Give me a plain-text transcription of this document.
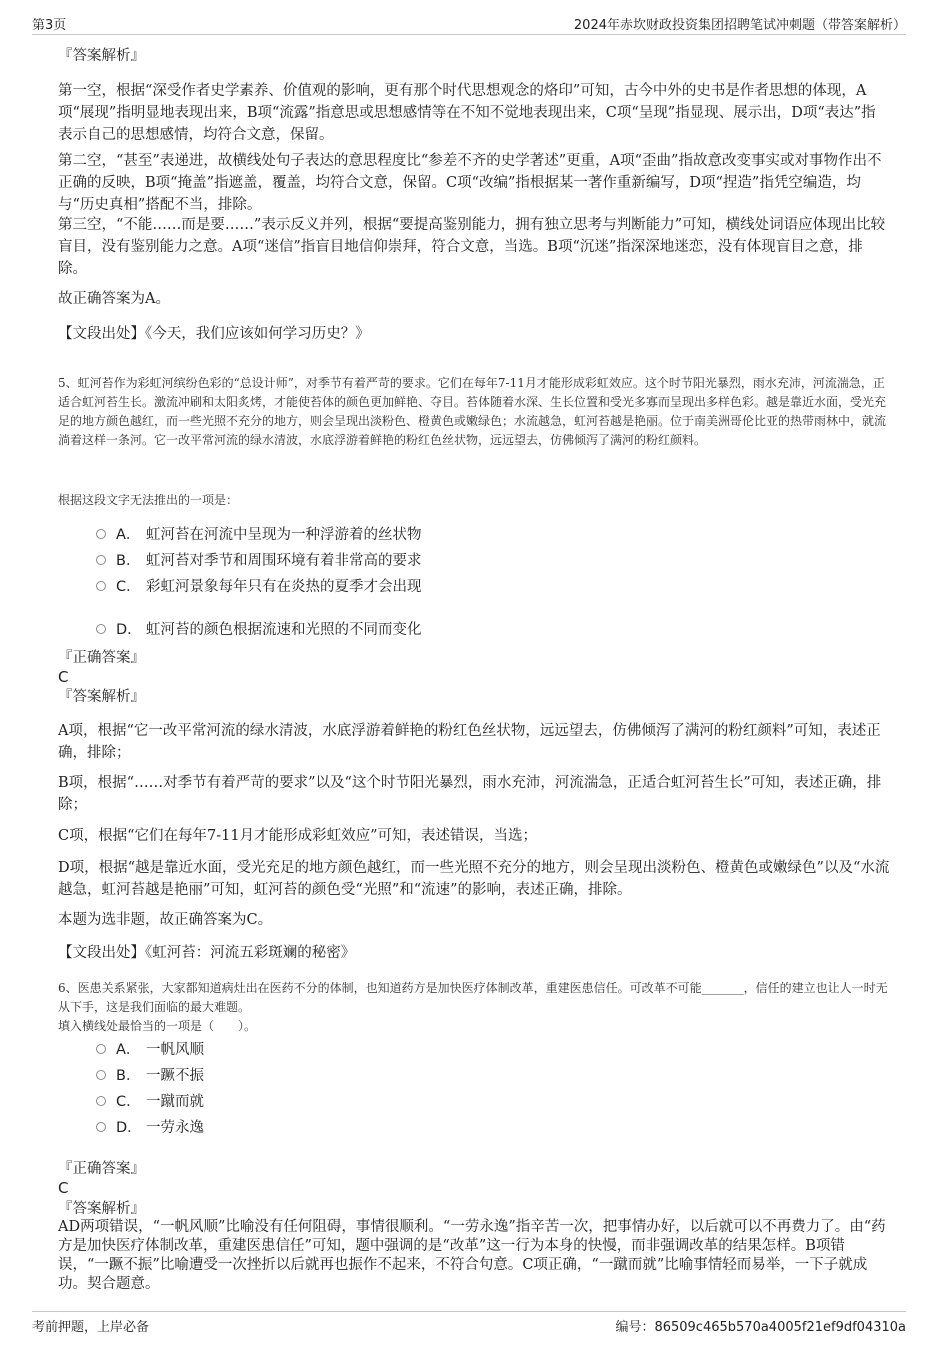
第3页	2024年赤坎财政投资集团招聘笔试冲刺题（带答案解析）
『答案解析』

第一空，根据“深受作者史学素养、价值观的影响，更有那个时代思想观念的烙印”可知，古今中外的史书是作者思想的体现，A项“展现”指明显地表现出来，B项“流露”指意思或思想感情等在不知不觉地表现出来，C项“呈现”指显现、展示出，D项“表达”指表示自己的思想感情，均符合文意，保留。

第二空，“甚至”表递进，故横线处句子表达的意思程度比“参差不齐的史学著述”更重，A项“歪曲”指故意改变事实或对事物作出不正确的反映，B项“掩盖”指遮盖，覆盖，均符合文意，保留。C项“改编”指根据某一著作重新编写，D项“捏造”指凭空编造，均与“历史真相”搭配不当，排除。

第三空，“不能……而是要……”表示反义并列，根据“要提高鉴别能力，拥有独立思考与判断能力”可知，横线处词语应体现出比较盲目，没有鉴别能力之意。A项“迷信”指盲目地信仰崇拜，符合文意，当选。B项“沉迷”指深深地迷恋，没有体现盲目之意，排除。

故正确答案为A。

【文段出处】《今天，我们应该如何学习历史？》

5、虹河苔作为彩虹河缤纷色彩的“总设计师”，对季节有着严苛的要求。它们在每年7-11月才能形成彩虹效应。这个时节阳光暴烈，雨水充沛，河流湍急，正适合虹河苔生长。激流冲刷和太阳炙烤，才能使苔体的颜色更加鲜艳、夺目。苔体随着水深、生长位置和受光多寡而呈现出多样色彩。越是靠近水面，受光充足的地方颜色越红，而一些光照不充分的地方，则会呈现出淡粉色、橙黄色或嫩绿色；水流越急，虹河苔越是艳丽。位于南美洲哥伦比亚的热带雨林中，就流淌着这样一条河。它一改平常河流的绿水清波，水底浮游着鲜艳的粉红色丝状物，远远望去，仿佛倾泻了满河的粉红颜料。

根据这段文字无法推出的一项是：

A． 虹河苔在河流中呈现为一种浮游着的丝状物
B． 虹河苔对季节和周围环境有着非常高的要求
C． 彩虹河景象每年只有在炎热的夏季才会出现
D． 虹河苔的颜色根据流速和光照的不同而变化
『正确答案』
C
『答案解析』

A项，根据“它一改平常河流的绿水清波，水底浮游着鲜艳的粉红色丝状物，远远望去，仿佛倾泻了满河的粉红颜料”可知，表述正确，排除；

B项，根据“……对季节有着严苛的要求”以及“这个时节阳光暴烈，雨水充沛，河流湍急，正适合虹河苔生长”可知，表述正确，排除；

C项，根据“它们在每年7-11月才能形成彩虹效应”可知，表述错误，当选；

D项，根据“越是靠近水面，受光充足的地方颜色越红，而一些光照不充分的地方，则会呈现出淡粉色、橙黄色或嫩绿色”以及“水流越急，虹河苔越是艳丽”可知，虹河苔的颜色受“光照”和“流速”的影响，表述正确，排除。

本题为选非题，故正确答案为C。

【文段出处】《虹河苔：河流五彩斑斓的秘密》

6、医患关系紧张，大家都知道病灶出在医药不分的体制，也知道药方是加快医疗体制改革，重建医患信任。可改革不可能_______，信任的建立也让人一时无从下手，这是我们面临的最大难题。

填入横线处最恰当的一项是（　　）。

A． 一帆风顺
B． 一蹶不振
C． 一蹴而就
D． 一劳永逸
『正确答案』
C
『答案解析』

AD两项错误，“一帆风顺”比喻没有任何阻碍，事情很顺利。“一劳永逸”指辛苦一次，把事情办好，以后就可以不再费力了。由“药方是加快医疗体制改革，重建医患信任”可知，题中强调的是“改革”这一行为本身的快慢，而非强调改革的结果怎样。B项错误，“一蹶不振”比喻遭受一次挫折以后就再也振作不起来，不符合句意。C项正确，“一蹴而就”比喻事情轻而易举，一下子就成功。契合题意。

考前押题，上岸必备	编号：86509c465b570a4005f21ef9df04310a
